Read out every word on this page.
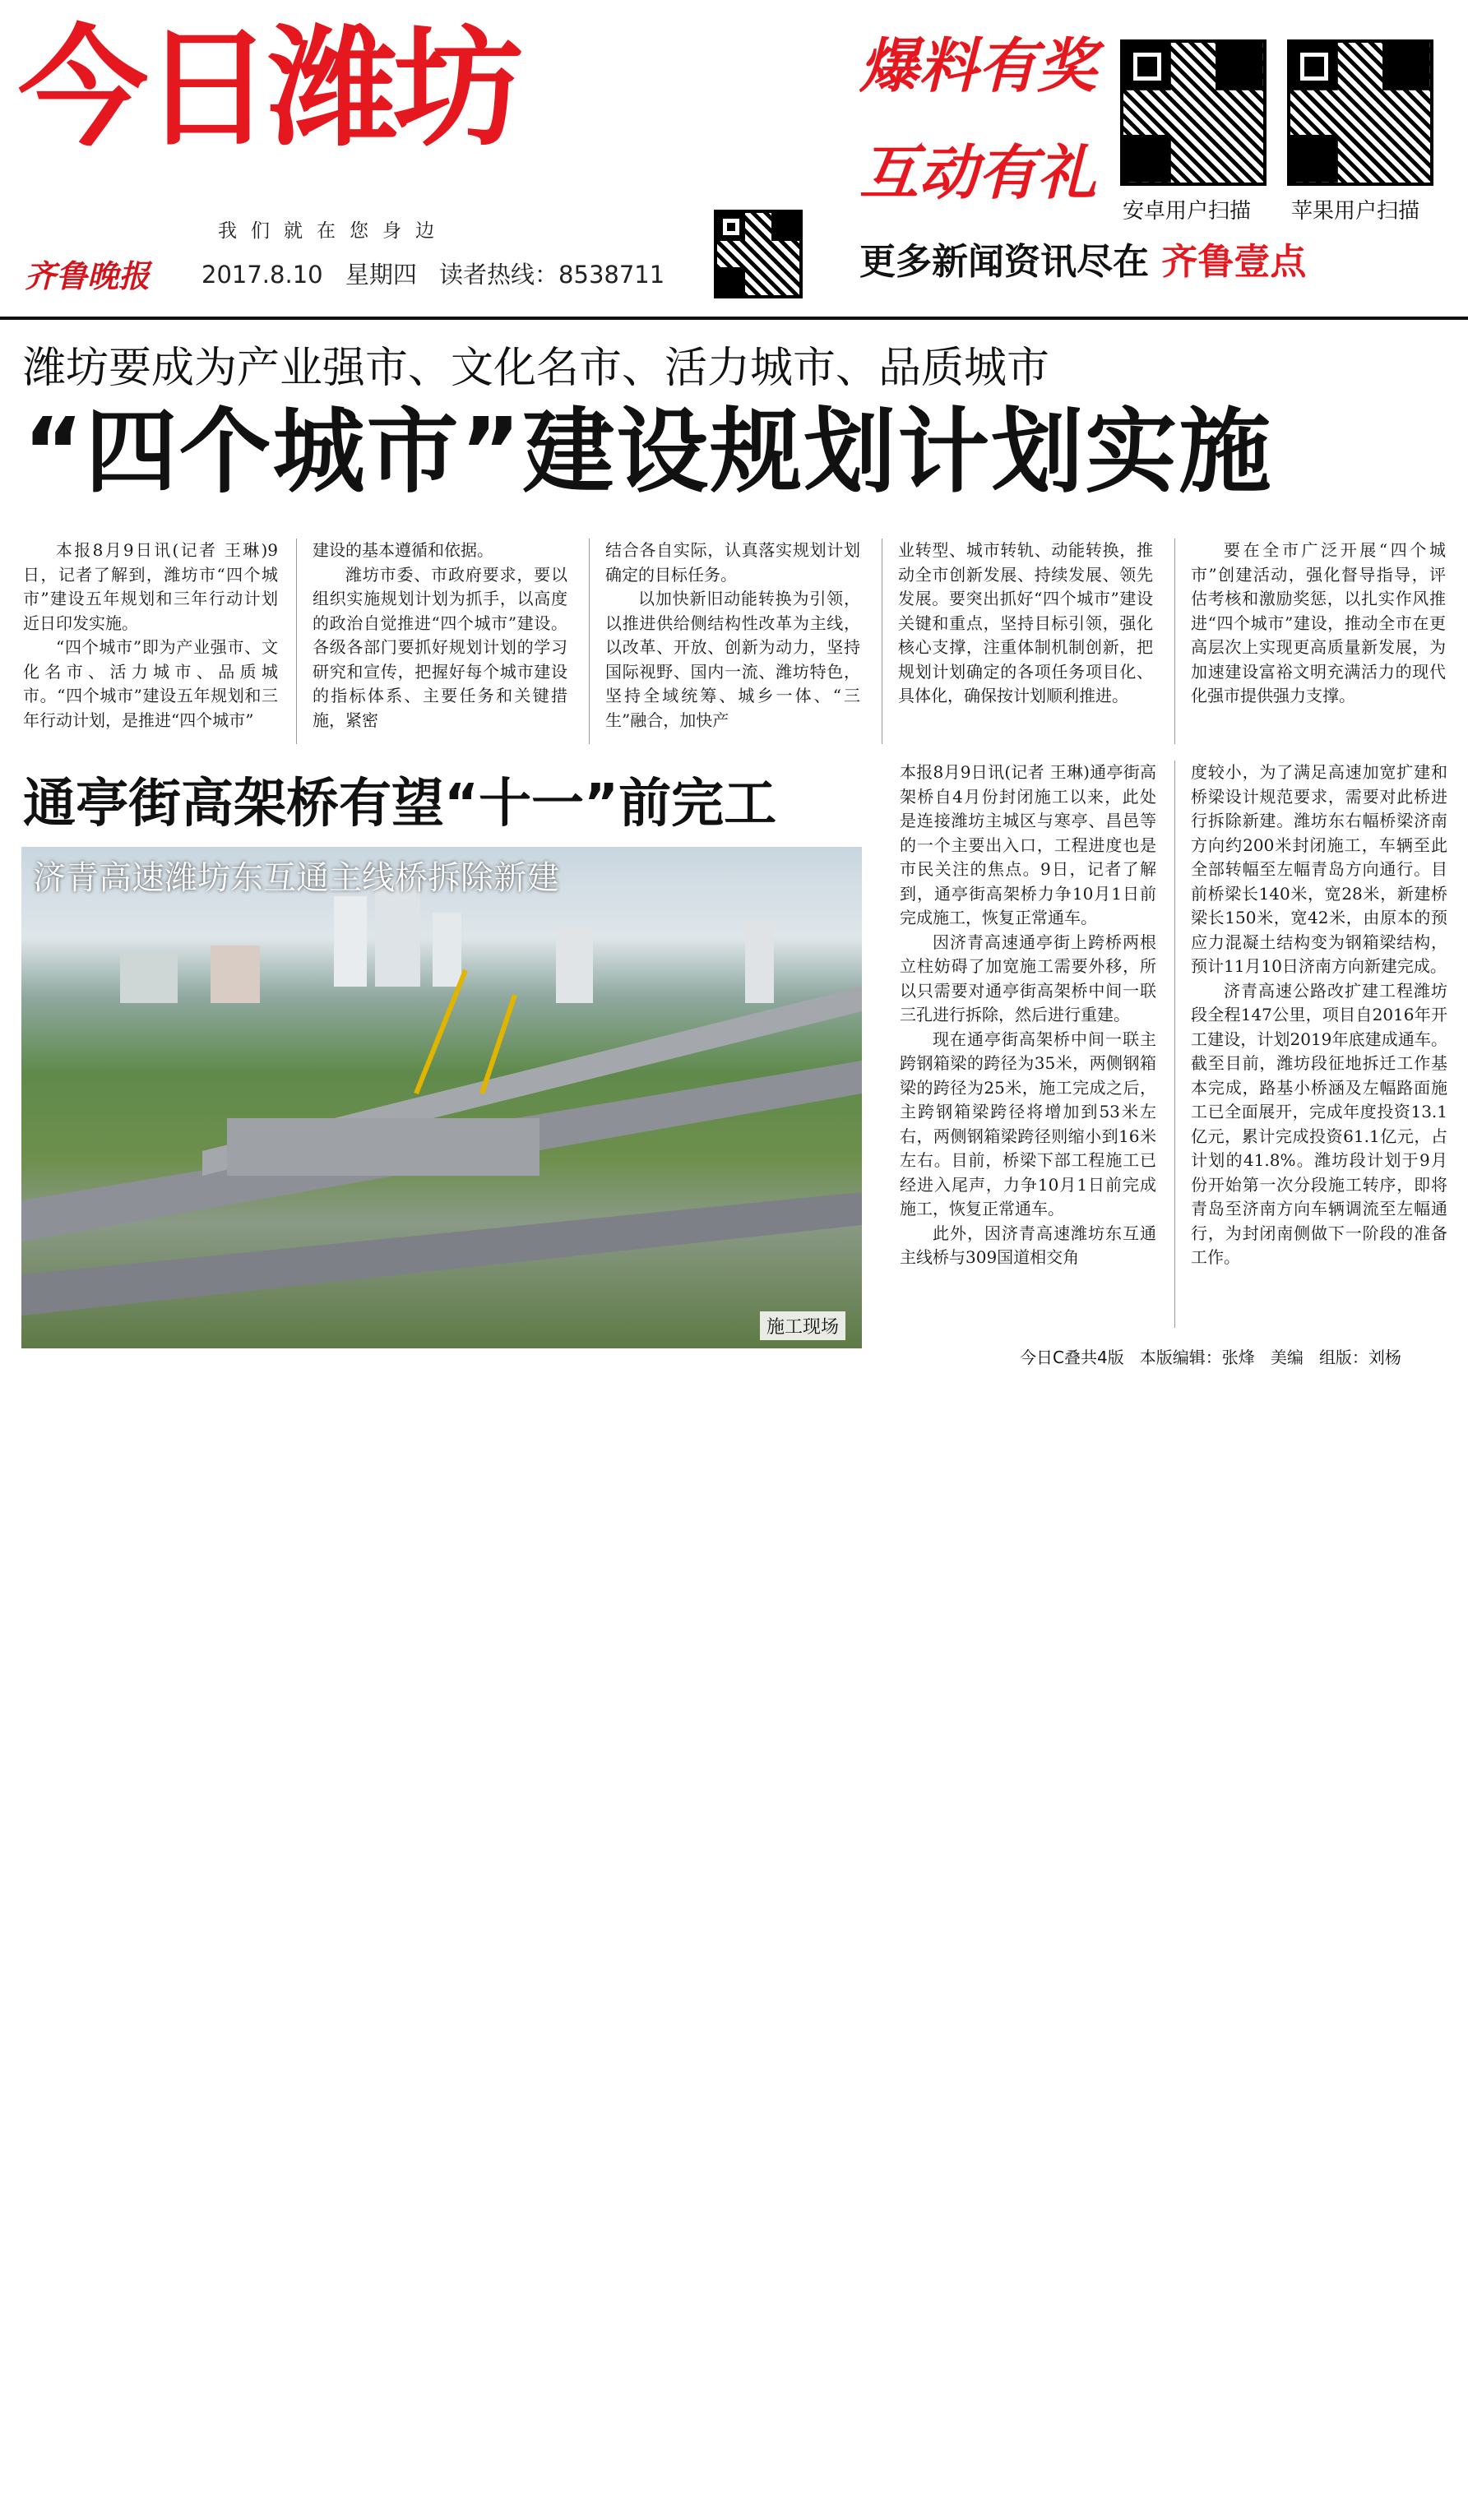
今日潍坊
我们就在您身边
齐鲁晚报 2017.8.10 星期四 读者热线：8538711
爆料有奖
互动有礼
安卓用户扫描 苹果用户扫描
更多新闻资讯尽在 齐鲁壹点
潍坊要成为产业强市、文化名市、活力城市、品质城市
“四个城市”建设规划计划实施

本报8月9日讯(记者 王琳)9日，记者了解到，潍坊市“四个城市”建设五年规划和三年行动计划近日印发实施。

“四个城市”即为产业强市、文化名市、活力城市、品质城市。“四个城市”建设五年规划和三年行动计划，是推进“四个城市”

建设的基本遵循和依据。

潍坊市委、市政府要求，要以组织实施规划计划为抓手，以高度的政治自觉推进“四个城市”建设。各级各部门要抓好规划计划的学习研究和宣传，把握好每个城市建设的指标体系、主要任务和关键措施，紧密

结合各自实际，认真落实规划计划确定的目标任务。

以加快新旧动能转换为引领，以推进供给侧结构性改革为主线，以改革、开放、创新为动力，坚持国际视野、国内一流、潍坊特色，坚持全域统筹、城乡一体、“三生”融合，加快产

业转型、城市转轨、动能转换，推动全市创新发展、持续发展、领先发展。要突出抓好“四个城市”建设关键和重点，坚持目标引领，强化核心支撑，注重体制机制创新，把规划计划确定的各项任务项目化、具体化，确保按计划顺利推进。

要在全市广泛开展“四个城市”创建活动，强化督导指导，评估考核和激励奖惩，以扎实作风推进“四个城市”建设，推动全市在更高层次上实现更高质量新发展，为加速建设富裕文明充满活力的现代化强市提供强力支撑。

通亭街高架桥有望“十一”前完工
济青高速潍坊东互通主线桥拆除新建
施工现场

本报8月9日讯(记者 王琳)通亭街高架桥自4月份封闭施工以来，此处是连接潍坊主城区与寒亭、昌邑等的一个主要出入口，工程进度也是市民关注的焦点。9日，记者了解到，通亭街高架桥力争10月1日前完成施工，恢复正常通车。

因济青高速通亭街上跨桥两根立柱妨碍了加宽施工需要外移，所以只需要对通亭街高架桥中间一联三孔进行拆除，然后进行重建。

现在通亭街高架桥中间一联主跨钢箱梁的跨径为35米，两侧钢箱梁的跨径为25米，施工完成之后，主跨钢箱梁跨径将增加到53米左右，两侧钢箱梁跨径则缩小到16米左右。目前，桥梁下部工程施工已经进入尾声，力争10月1日前完成施工，恢复正常通车。

此外，因济青高速潍坊东互通主线桥与309国道相交角

度较小，为了满足高速加宽扩建和桥梁设计规范要求，需要对此桥进行拆除新建。潍坊东右幅桥梁济南方向约200米封闭施工，车辆至此全部转幅至左幅青岛方向通行。目前桥梁长140米，宽28米，新建桥梁长150米，宽42米，由原本的预应力混凝土结构变为钢箱梁结构，预计11月10日济南方向新建完成。

济青高速公路改扩建工程潍坊段全程147公里，项目自2016年开工建设，计划2019年底建成通车。截至目前，潍坊段征地拆迁工作基本完成，路基小桥涵及左幅路面施工已全面展开，完成年度投资13.1亿元，累计完成投资61.1亿元，占计划的41.8%。潍坊段计划于9月份开始第一次分段施工转序，即将青岛至济南方向车辆调流至左幅通行，为封闭南侧做下一阶段的准备工作。

今日C叠共4版 本版编辑：张烽 美编 组版：刘杨
